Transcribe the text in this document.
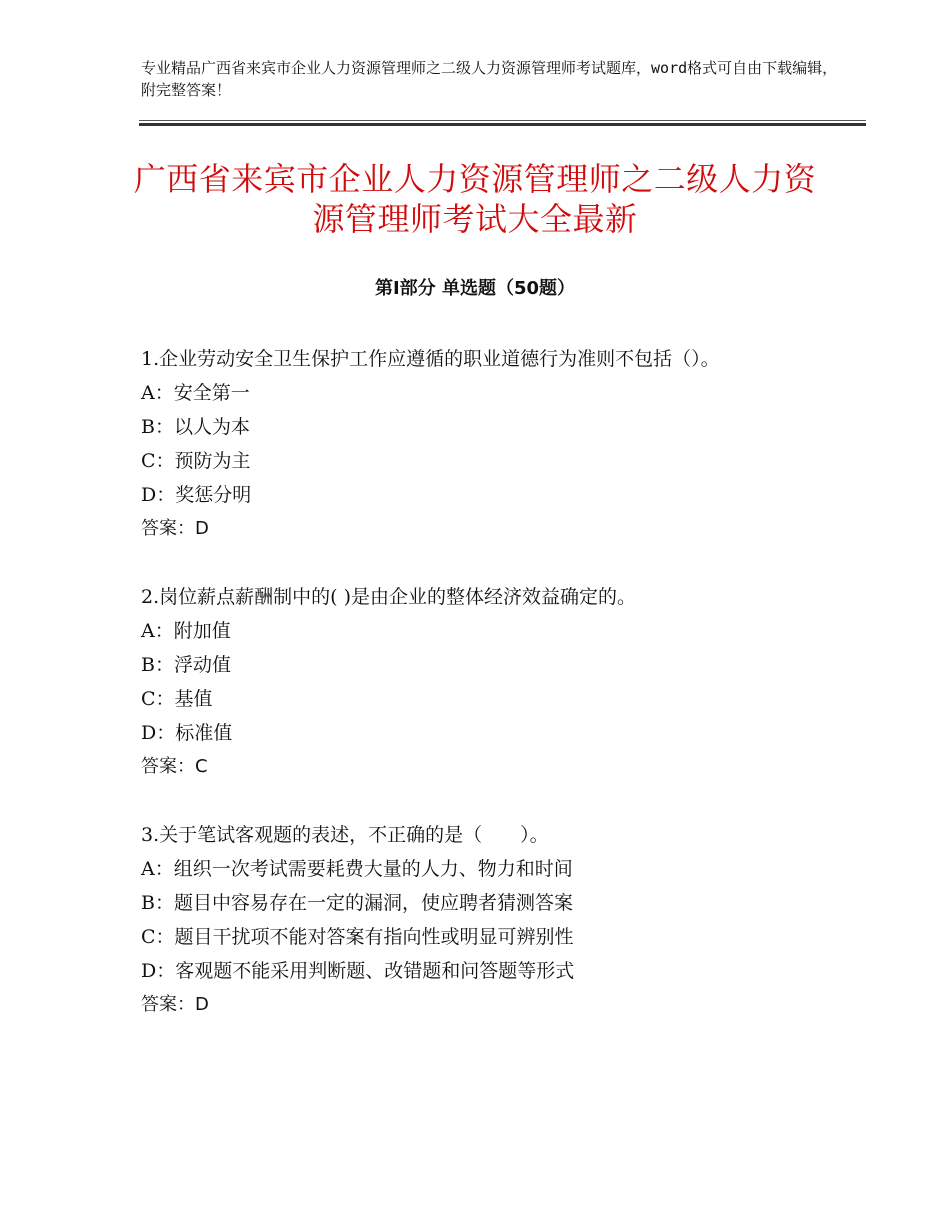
专业精品广西省来宾市企业人力资源管理师之二级人力资源管理师考试题库，word格式可自由下载编辑，附完整答案！
广西省来宾市企业人力资源管理师之二级人力资源管理师考试大全最新
第Ⅰ部分 单选题（50题）

1.企业劳动安全卫生保护工作应遵循的职业道德行为准则不包括（）。

A：安全第一

B：以人为本

C：预防为主

D：奖惩分明

答案：D

2.岗位薪点薪酬制中的( )是由企业的整体经济效益确定的。

A：附加值

B：浮动值

C：基值

D：标准值

答案：C

3.关于笔试客观题的表述，不正确的是（　　）。

A：组织一次考试需要耗费大量的人力、物力和时间

B：题目中容易存在一定的漏洞，使应聘者猜测答案

C：题目干扰项不能对答案有指向性或明显可辨别性

D：客观题不能采用判断题、改错题和问答题等形式

答案：D
